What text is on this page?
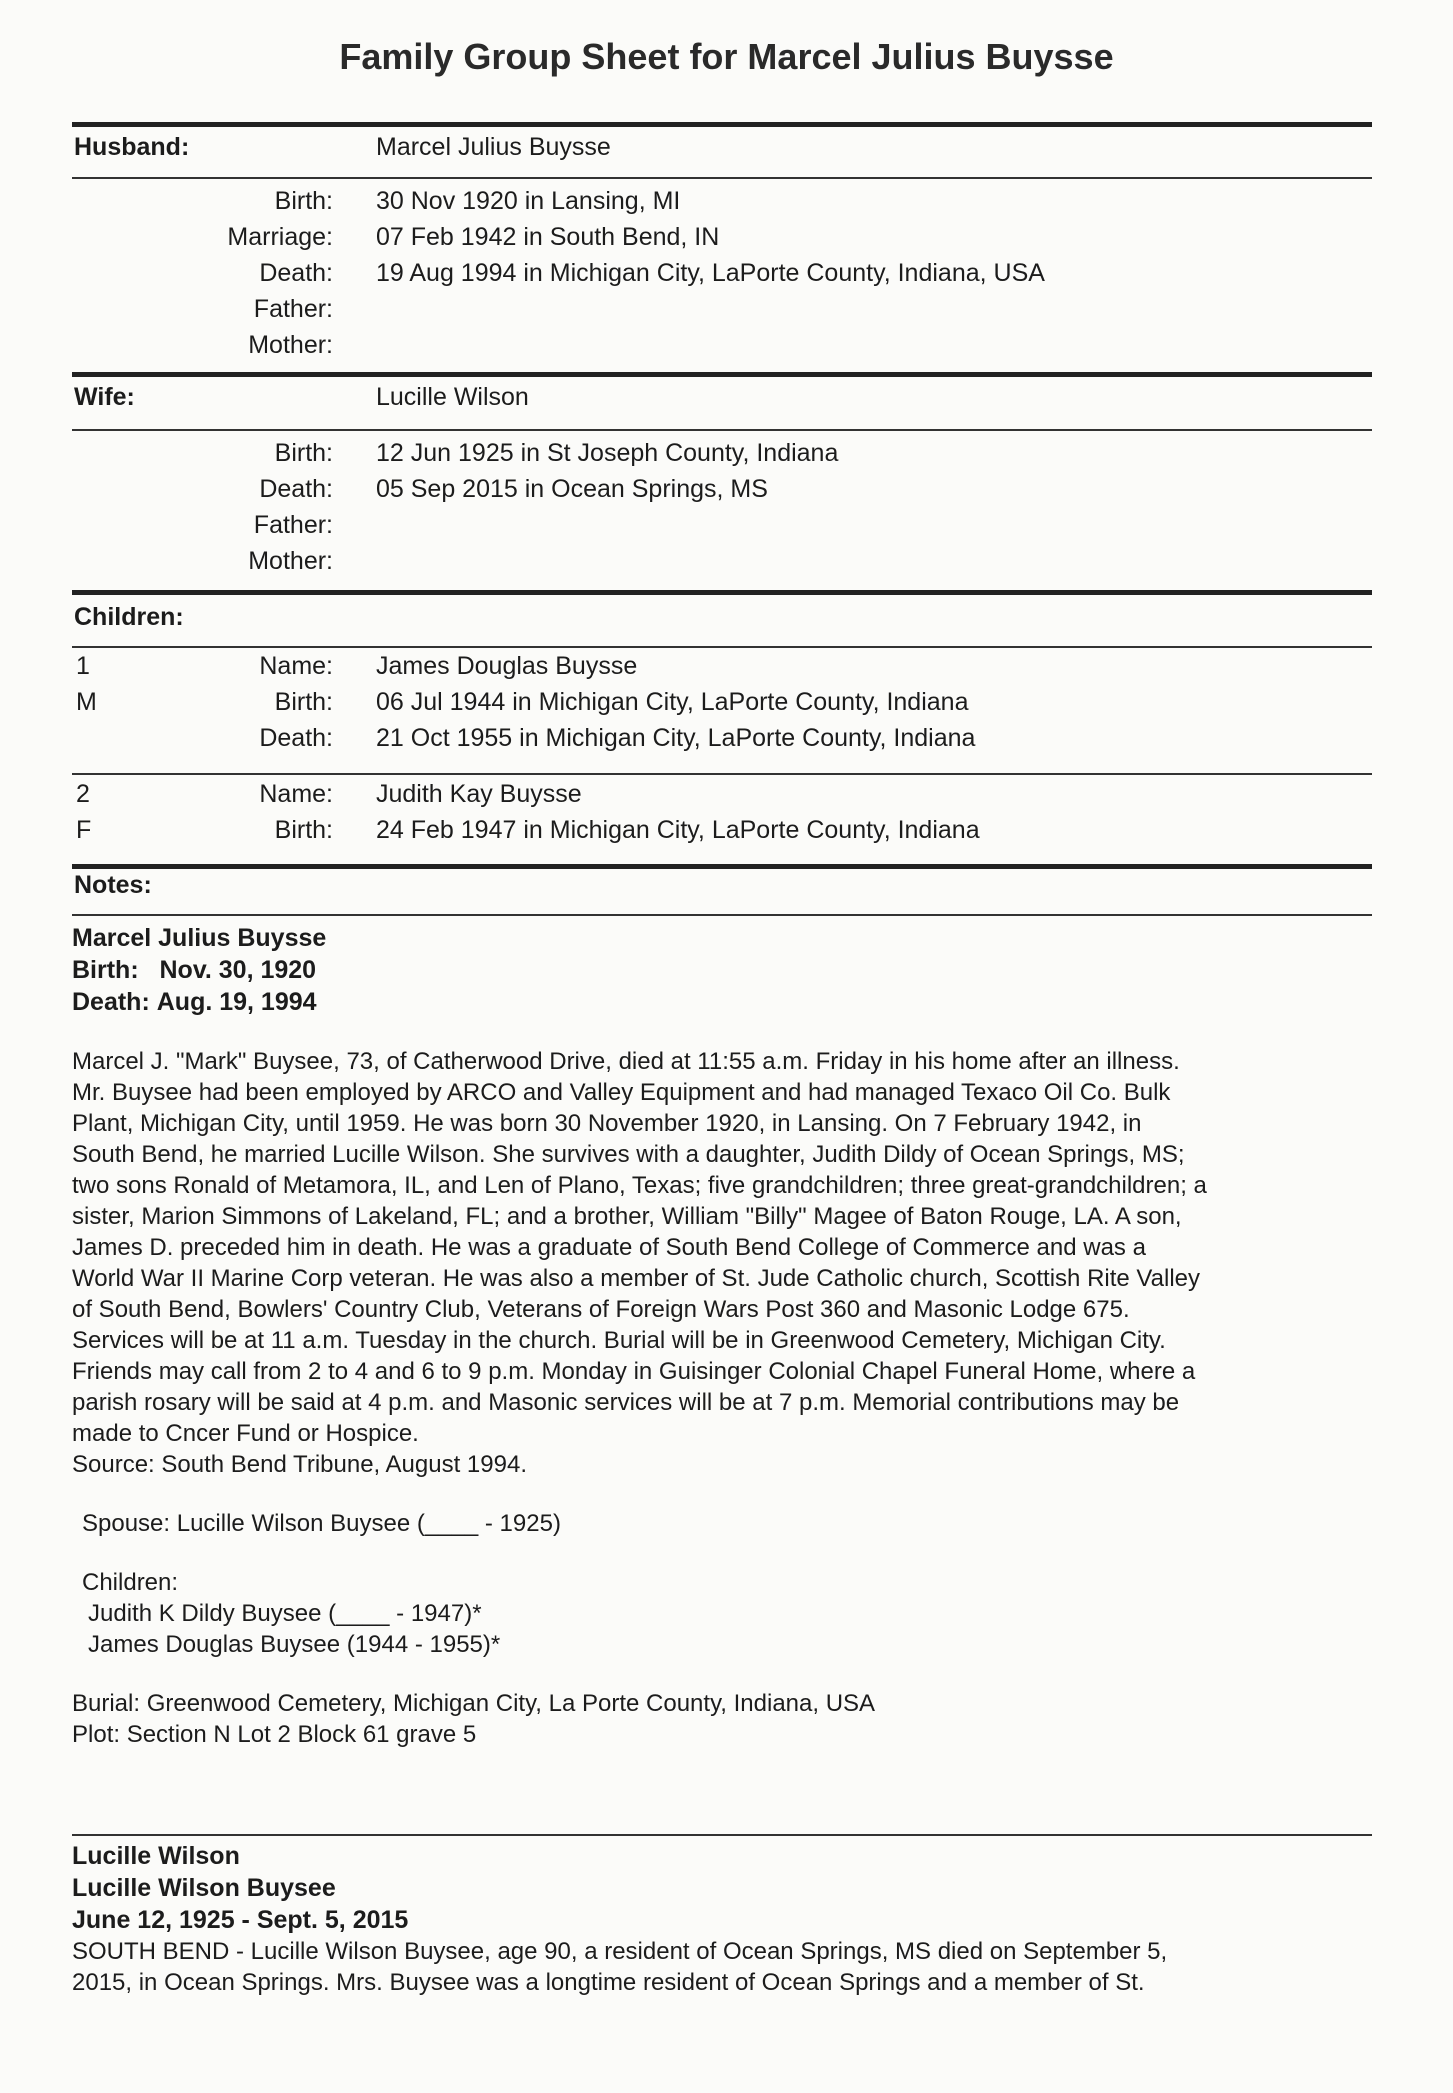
Family Group Sheet for Marcel Julius Buysse
Husband:	Marcel Julius Buysse
Birth: 30 Nov 1920 in Lansing, MI
Marriage: 07 Feb 1942 in South Bend, IN
Death: 19 Aug 1994 in Michigan City, LaPorte County, Indiana, USA
Father:
Mother:
Wife:	Lucille Wilson
Birth: 12 Jun 1925 in St Joseph County, Indiana
Death: 05 Sep 2015 in Ocean Springs, MS
Father:
Mother:
Children:
1	Name: James Douglas Buysse
M	Birth: 06 Jul 1944 in Michigan City, LaPorte County, Indiana
Death: 21 Oct 1955 in Michigan City, LaPorte County, Indiana
2	Name: Judith Kay Buysse
F	Birth: 24 Feb 1947 in Michigan City, LaPorte County, Indiana
Notes:
Marcel Julius Buysse
Birth: Nov. 30, 1920
Death: Aug. 19, 1994
Marcel J. "Mark" Buysee, 73, of Catherwood Drive, died at 11:55 a.m. Friday in his home after an illness.
Mr. Buysee had been employed by ARCO and Valley Equipment and had managed Texaco Oil Co. Bulk
Plant, Michigan City, until 1959. He was born 30 November 1920, in Lansing. On 7 February 1942, in
South Bend, he married Lucille Wilson. She survives with a daughter, Judith Dildy of Ocean Springs, MS;
two sons Ronald of Metamora, IL, and Len of Plano, Texas; five grandchildren; three great-grandchildren; a
sister, Marion Simmons of Lakeland, FL; and a brother, William "Billy" Magee of Baton Rouge, LA. A son,
James D. preceded him in death. He was a graduate of South Bend College of Commerce and was a
World War II Marine Corp veteran. He was also a member of St. Jude Catholic church, Scottish Rite Valley
of South Bend, Bowlers' Country Club, Veterans of Foreign Wars Post 360 and Masonic Lodge 675.
Services will be at 11 a.m. Tuesday in the church. Burial will be in Greenwood Cemetery, Michigan City.
Friends may call from 2 to 4 and 6 to 9 p.m. Monday in Guisinger Colonial Chapel Funeral Home, where a
parish rosary will be said at 4 p.m. and Masonic services will be at 7 p.m. Memorial contributions may be
made to Cncer Fund or Hospice.
Source: South Bend Tribune, August 1994.
Spouse: Lucille Wilson Buysee (____ - 1925)
Children:
Judith K Dildy Buysee (____ - 1947)*
James Douglas Buysee (1944 - 1955)*
Burial: Greenwood Cemetery, Michigan City, La Porte County, Indiana, USA
Plot: Section N Lot 2 Block 61 grave 5
Lucille Wilson
Lucille Wilson Buysee
June 12, 1925 - Sept. 5, 2015
SOUTH BEND - Lucille Wilson Buysee, age 90, a resident of Ocean Springs, MS died on September 5,
2015, in Ocean Springs. Mrs. Buysee was a longtime resident of Ocean Springs and a member of St.
